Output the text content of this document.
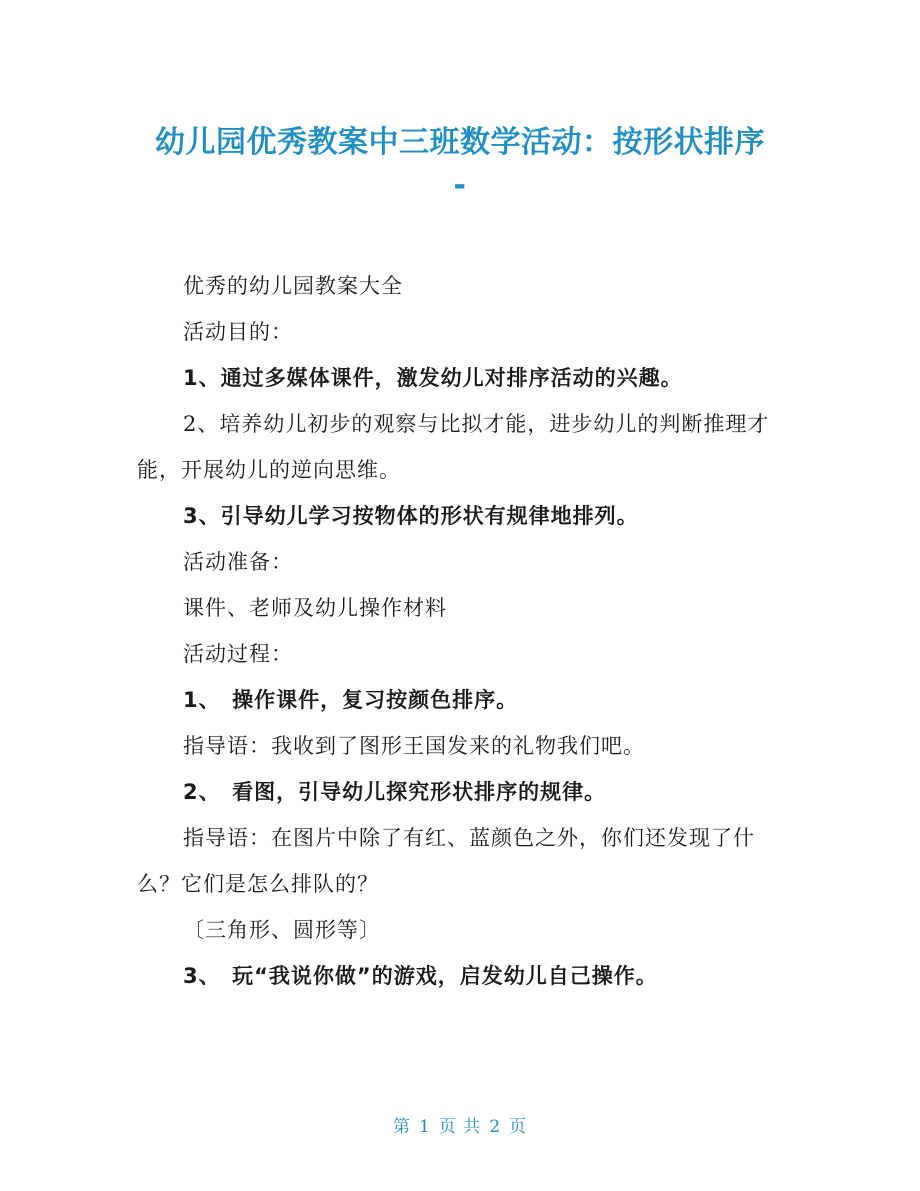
幼儿园优秀教案中三班数学活动：按形状排序
-

优秀的幼儿园教案大全

活动目的：

1、通过多媒体课件，激发幼儿对排序活动的兴趣。

2、培养幼儿初步的观察与比拟才能，进步幼儿的判断推理才能，开展幼儿的逆向思维。

3、引导幼儿学习按物体的形状有规律地排列。

活动准备：

课件、老师及幼儿操作材料

活动过程：

1、　操作课件，复习按颜色排序。

指导语：我收到了图形王国发来的礼物我们吧。

2、　看图，引导幼儿探究形状排序的规律。

指导语：在图片中除了有红、蓝颜色之外，你们还发现了什么？它们是怎么排队的？

〔三角形、圆形等〕

3、　玩“我说你做”的游戏，启发幼儿自己操作。

第 1 页 共 2 页
